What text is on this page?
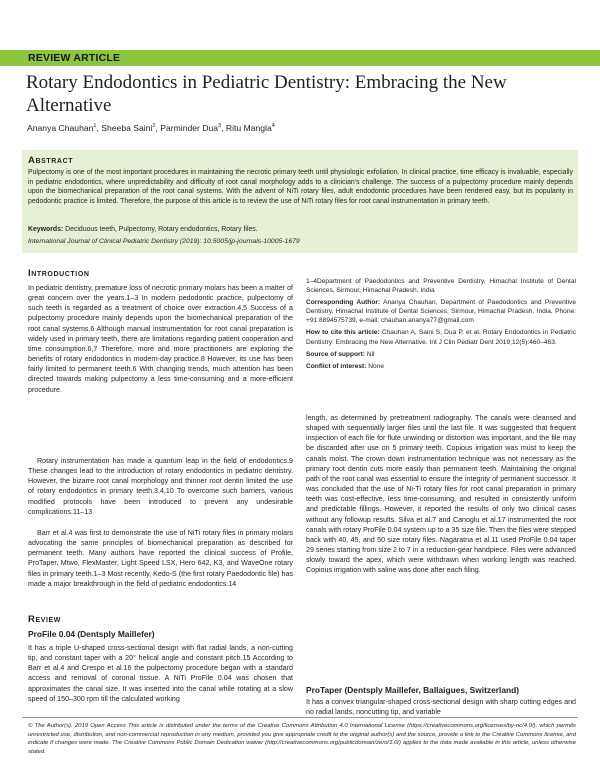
REVIEW ARTICLE
Rotary Endodontics in Pediatric Dentistry: Embracing the New Alternative
Ananya Chauhan$^1$, Sheeba Saini$^2$, Parminder Dua$^3$, Ritu Mangla$^4$
Abstract

Pulpectomy is one of the most important procedures in maintaining the necrotic primary teeth until physiologic exfoliation. In clinical practice, time efficacy is invaluable, especially in pediatric endodontics, where unpredictability and difficulty of root canal morphology adds to a clinician's challenge. The success of a pulpectomy procedure mainly depends upon the biomechanical preparation of the root canal systems. With the advent of NiTi rotary files, adult endodontic procedures have been rendered easy, but its popularity in pedodontic practice is limited. Therefore, the purpose of this article is to review the use of NiTi rotary files for root canal instrumentation in primary teeth.

Keywords: Deciduous teeth, Pulpectomy, Rotary endodontics, Rotary files.
International Journal of Clinical Pediatric Dentistry (2019): 10.5005/jp-journals-10005-1679
Introduction

In pediatric dentistry, premature loss of necrotic primary molars has been a matter of great concern over the years.1–3 In modern pedodontic practice, pulpectomy of such teeth is regarded as a treatment of choice over extraction.4,5 Success of a pulpectomy procedure mainly depends upon the biomechanical preparation of the root canal systems.6 Although manual instrumentation for root canal preparation is widely used in primary teeth, there are limitations regarding patient cooperation and time consumption.6,7 Therefore, more and more practitioners are exploring the benefits of rotary endodontics in modern-day practice.8 However, its use has been fairly limited to permanent teeth.6 With changing trends, much attention has been directed towards making pulpectomy a less time-consuming and a more-efficient procedure.

Rotary instrumentation has made a quantum leap in the field of endodontics.9 These changes lead to the introduction of rotary endodontics in pediatric dentistry. However, the bizarre root canal morphology and thinner root dentin limited the use of rotary endodontics in primary teeth.3,4,10 To overcome such barriers, various modified protocols have been introduced to prevent any undesirable complications.11–13

Barr et al.4 was first to demonstrate the use of NiTi rotary files in primary molars advocating the same principles of biomechanical preparation as described for permanent teeth. Many authors have reported the clinical success of Profile, ProTaper, Mtwo, FlexMaster, Light Speed LSX, Hero 642, K3, and WaveOne rotary files in primary teeth.1–3 Most recently, Kedo-S (the first rotary Paedodontic file) has made a major breakthrough in the field of pediatric endodontics.14

Review
ProFile 0.04 (Dentsply Maillefer)

It has a triple U-shaped cross-sectional design with flat radial lands, a non-cutting tip, and constant taper with a 20° helical angle and constant pitch.15 According to Barr et al.4 and Crespo et al.16 the pulpectomy procedure began with a standard access and removal of coronal tissue. A NiTi ProFile 0.04 was chosen that approximates the canal size. It was inserted into the canal while rotating at a slow speed of 150–300 rpm till the calculated working

1–4Department of Paedodontics and Preventive Dentistry, Himachal Institute of Dental Sciences, Sirmour, Himachal Pradesh, India

Corresponding Author: Ananya Chauhan, Department of Paedodontics and Preventive Dentistry, Himachal Institute of Dental Sciences, Sirmour, Himachal Pradesh, India, Phone: +91 8894575739, e-mail: chauhan.ananya77@gmail.com

How to cite this article: Chauhan A, Saini S, Dua P, et al. Rotary Endodontics in Pediatric Dentistry: Embracing the New Alternative. Int J Clin Pediatr Dent 2019;12(5):460–463.

Source of support: Nil

Conflict of interest: None

length, as determined by pretreatment radiography. The canals were cleansed and shaped with sequentially larger files until the last file. It was suggested that frequent inspection of each file for flute unwinding or distortion was important, and the file may be discarded after use on 5 primary teeth. Copious irrigation was must to keep the canals moist. The crown down instrumentation technique was not necessary as the primary root dentin cuts more easily than permanent teeth. Maintaining the original path of the root canal was essential to ensure the integrity of permanent successor. It was concluded that the use of Ni-Ti rotary files for root canal preparation in primary teeth was cost-effective, less time-consuming, and resulted in consistently uniform and predictable fillings. However, it reported the results of only two clinical cases without any followup results. Silva et al.7 and Canoglu et al.17 instrumented the root canals with rotary ProFile 0.04 system up to a 35 size file. Then the files were stepped back with 40, 45, and 50 size rotary files. Nagaratna et al.11 used ProFile 0.04 taper 29 series starting from size 2 to 7 in a reduction-gear handpiece. Files were advanced slowly toward the apex, which were withdrawn when working length was reached. Copious irrigation with saline was done after each filing.

ProTaper (Dentsply Maillefer, Ballaigues, Switzerland)

It has a convex triangular-shaped cross-sectional design with sharp cutting edges and no radial lands, noncutting tip, and variable

© The Author(s). 2019 Open Access This article is distributed under the terms of the Creative Commons Attribution 4.0 International License (https://creativecommons.org/licenses/by-nc/4.0/), which permits unrestricted use, distribution, and non-commercial reproduction in any medium, provided you give appropriate credit to the original author(s) and the source, provide a link to the Creative Commons license, and indicate if changes were made. The Creative Commons Public Domain Dedication waiver (http://creativecommons.org/publicdomain/zero/1.0/) applies to the data made available in this article, unless otherwise stated.
